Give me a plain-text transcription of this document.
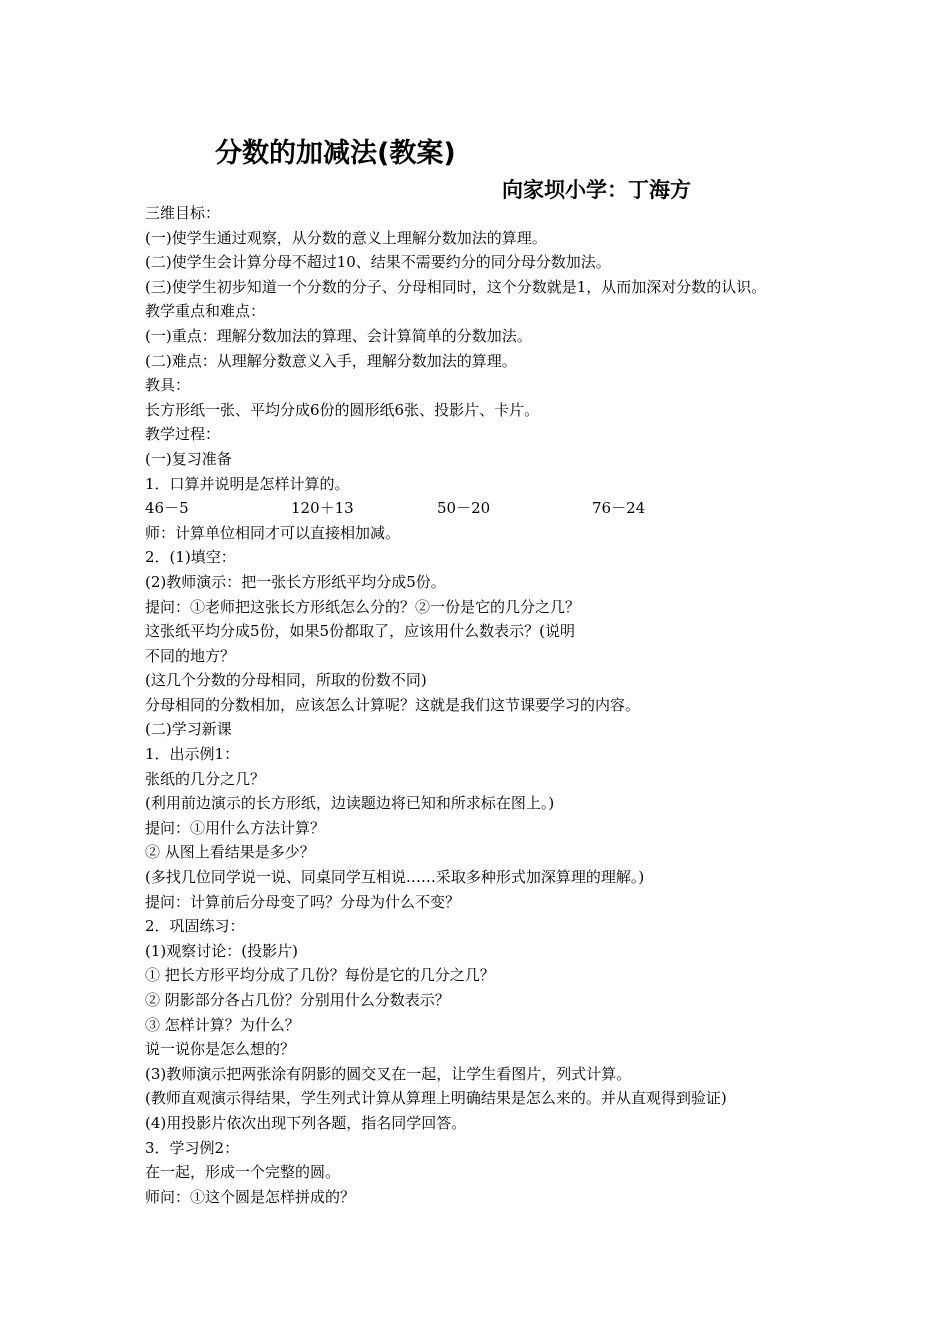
分数的加减法(教案)
向家坝小学：丁海方
三维目标：
(一)使学生通过观察，从分数的意义上理解分数加法的算理。
(二)使学生会计算分母不超过10、结果不需要约分的同分母分数加法。
(三)使学生初步知道一个分数的分子、分母相同时，这个分数就是1，从而加深对分数的认识。
教学重点和难点：
(一)重点：理解分数加法的算理、会计算简单的分数加法。
(二)难点：从理解分数意义入手，理解分数加法的算理。
教具：
长方形纸一张、平均分成6份的圆形纸6张、投影片、卡片。
教学过程：
(一)复习准备
1．口算并说明是怎样计算的。
46－5	120＋13	50－20	76－24
师：计算单位相同才可以直接相加减。
2．(1)填空：
(2)教师演示：把一张长方形纸平均分成5份。
提问：①老师把这张长方形纸怎么分的？②一份是它的几分之几？
这张纸平均分成5份，如果5份都取了，应该用什么数表示？(说明
不同的地方？
(这几个分数的分母相同，所取的份数不同)
分母相同的分数相加，应该怎么计算呢？这就是我们这节课要学习的内容。
(二)学习新课
1．出示例1：
张纸的几分之几？
(利用前边演示的长方形纸，边读题边将已知和所求标在图上。)
提问：①用什么方法计算？
② 从图上看结果是多少？
(多找几位同学说一说、同桌同学互相说……采取多种形式加深算理的理解。)
提问：计算前后分母变了吗？分母为什么不变？
2．巩固练习：
(1)观察讨论：(投影片)
① 把长方形平均分成了几份？每份是它的几分之几？
② 阴影部分各占几份？分别用什么分数表示？
③ 怎样计算？为什么？
说一说你是怎么想的？
(3)教师演示把两张涂有阴影的圆交叉在一起，让学生看图片，列式计算。
(教师直观演示得结果，学生列式计算从算理上明确结果是怎么来的。并从直观得到验证)
(4)用投影片依次出现下列各题，指名同学回答。
3．学习例2：
在一起，形成一个完整的圆。
师问：①这个圆是怎样拼成的？
